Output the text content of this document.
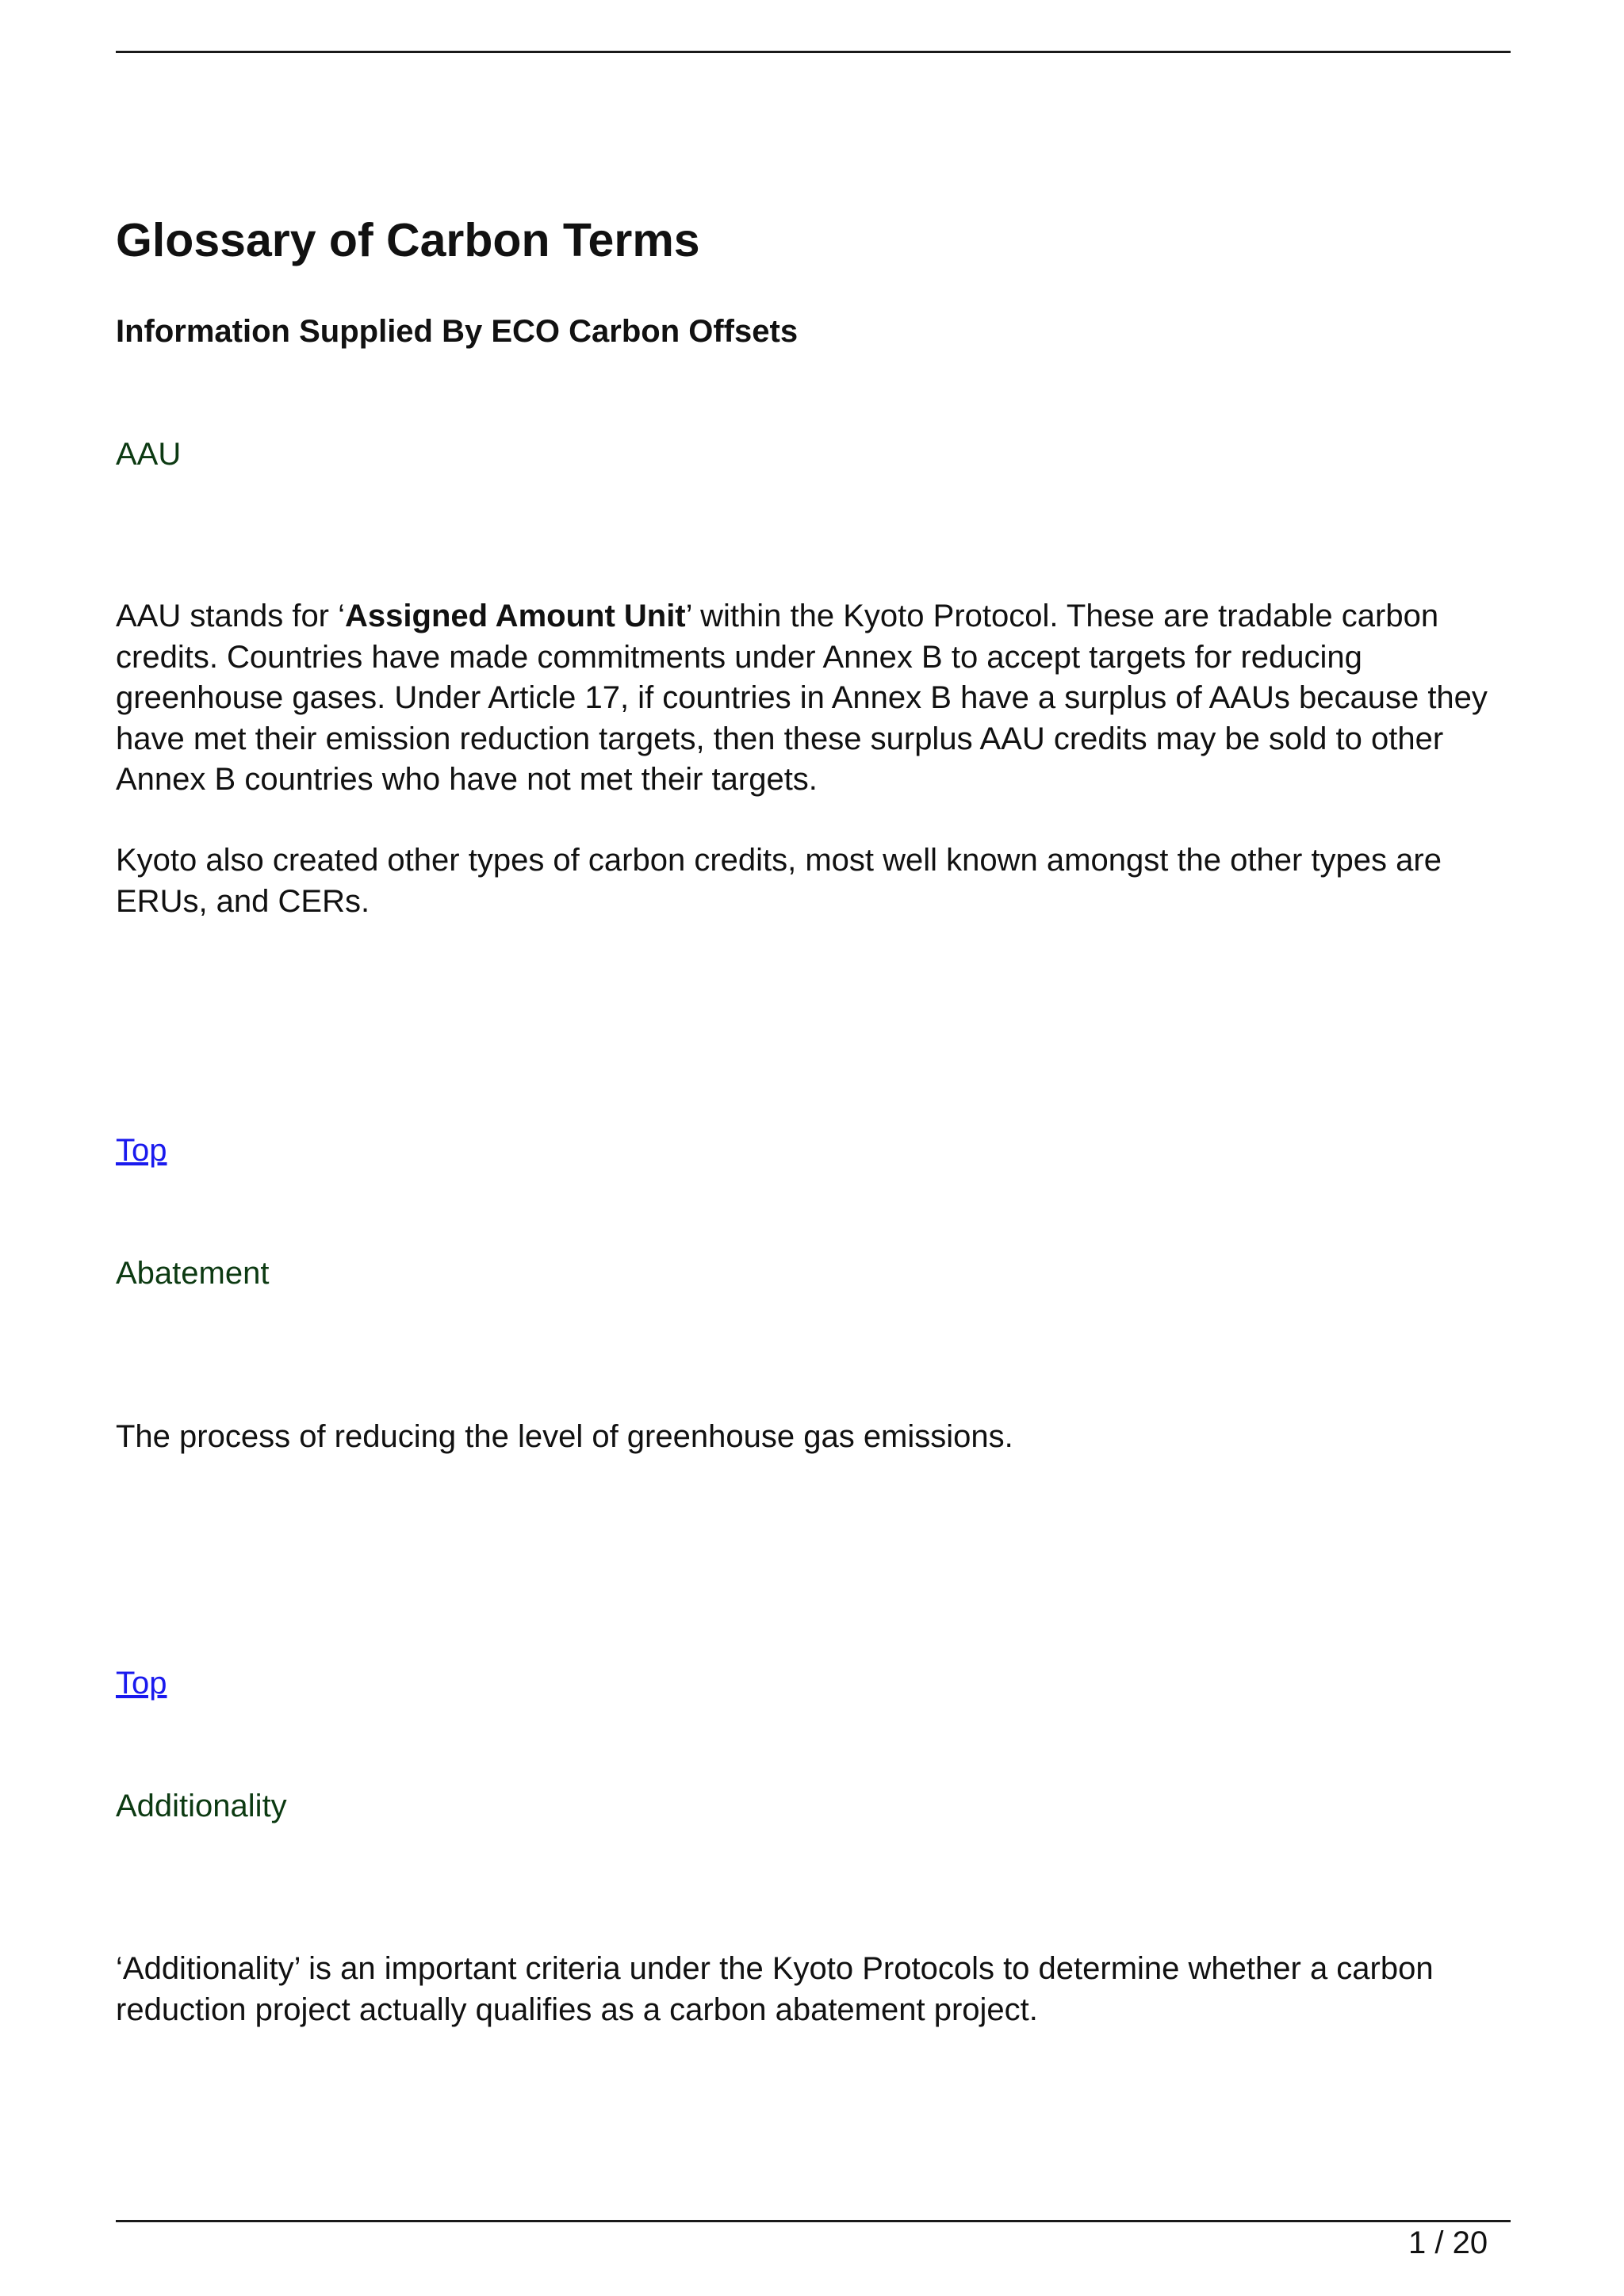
Glossary of Carbon Terms
Information Supplied By ECO Carbon Offsets
AAU

AAU stands for ‘Assigned Amount Unit’ within the Kyoto Protocol. These are tradable carbon credits. Countries have made commitments under Annex B to accept targets for reducing greenhouse gases. Under Article 17, if countries in Annex B have a surplus of AAUs because they have met their emission reduction targets, then these surplus AAU credits may be sold to other Annex B countries who have not met their targets.

Kyoto also created other types of carbon credits, most well known amongst the other types are ERUs, and CERs.

Top
Abatement

The process of reducing the level of greenhouse gas emissions.

Top
Additionality

‘Additionality’ is an important criteria under the Kyoto Protocols to determine whether a carbon reduction project actually qualifies as a carbon abatement project.

1 / 20
